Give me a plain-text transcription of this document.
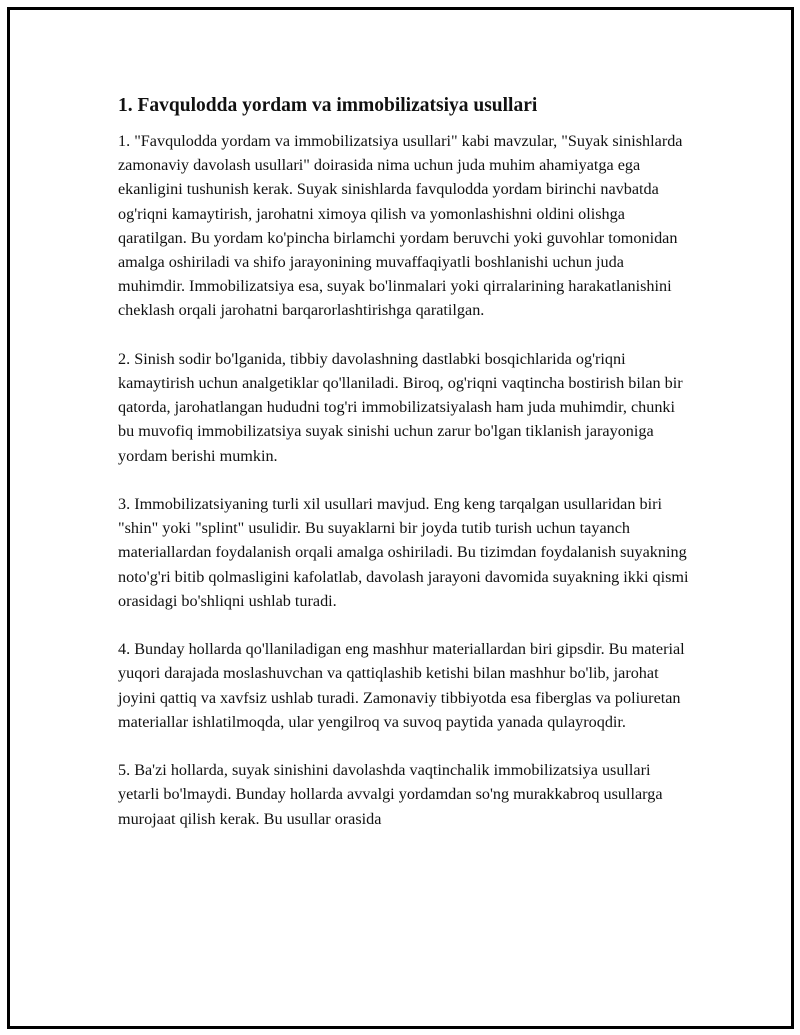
1. Favqulodda yordam va immobilizatsiya usullari
1. "Favqulodda yordam va immobilizatsiya usullari" kabi mavzular, "Suyak sinishlarda zamonaviy davolash usullari" doirasida nima uchun juda muhim ahamiyatga ega ekanligini tushunish kerak. Suyak sinishlarda favqulodda yordam birinchi navbatda og'riqni kamaytirish, jarohatni ximoya qilish va yomonlashishni oldini olishga qaratilgan. Bu yordam ko'pincha birlamchi yordam beruvchi yoki guvohlar tomonidan amalga oshiriladi va shifo jarayonining muvaffaqiyatli boshlanishi uchun juda muhimdir. Immobilizatsiya esa, suyak bo'linmalari yoki qirralarining harakatlanishini cheklash orqali jarohatni barqarorlashtirishga qaratilgan.
2. Sinish sodir bo'lganida, tibbiy davolashning dastlabki bosqichlarida og'riqni kamaytirish uchun analgetiklar qo'llaniladi. Biroq, og'riqni vaqtincha bostirish bilan bir qatorda, jarohatlangan hududni tog'ri immobilizatsiyalash ham juda muhimdir, chunki bu muvofiq immobilizatsiya suyak sinishi uchun zarur bo'lgan tiklanish jarayoniga yordam berishi mumkin.
3. Immobilizatsiyaning turli xil usullari mavjud. Eng keng tarqalgan usullaridan biri "shin" yoki "splint" usulidir. Bu suyaklarni bir joyda tutib turish uchun tayanch materiallardan foydalanish orqali amalga oshiriladi. Bu tizimdan foydalanish suyakning noto'g'ri bitib qolmasligini kafolatlab, davolash jarayoni davomida suyakning ikki qismi orasidagi bo'shliqni ushlab turadi.
4. Bunday hollarda qo'llaniladigan eng mashhur materiallardan biri gipsdir. Bu material yuqori darajada moslashuvchan va qattiqlashib ketishi bilan mashhur bo'lib, jarohat joyini qattiq va xavfsiz ushlab turadi. Zamonaviy tibbiyotda esa fiberglas va poliuretan materiallar ishlatilmoqda, ular yengilroq va suvoq paytida yanada qulayroqdir.
5. Ba'zi hollarda, suyak sinishini davolashda vaqtinchalik immobilizatsiya usullari yetarli bo'lmaydi. Bunday hollarda avvalgi yordamdan so'ng murakkabroq usullarga murojaat qilish kerak. Bu usullar orasida
